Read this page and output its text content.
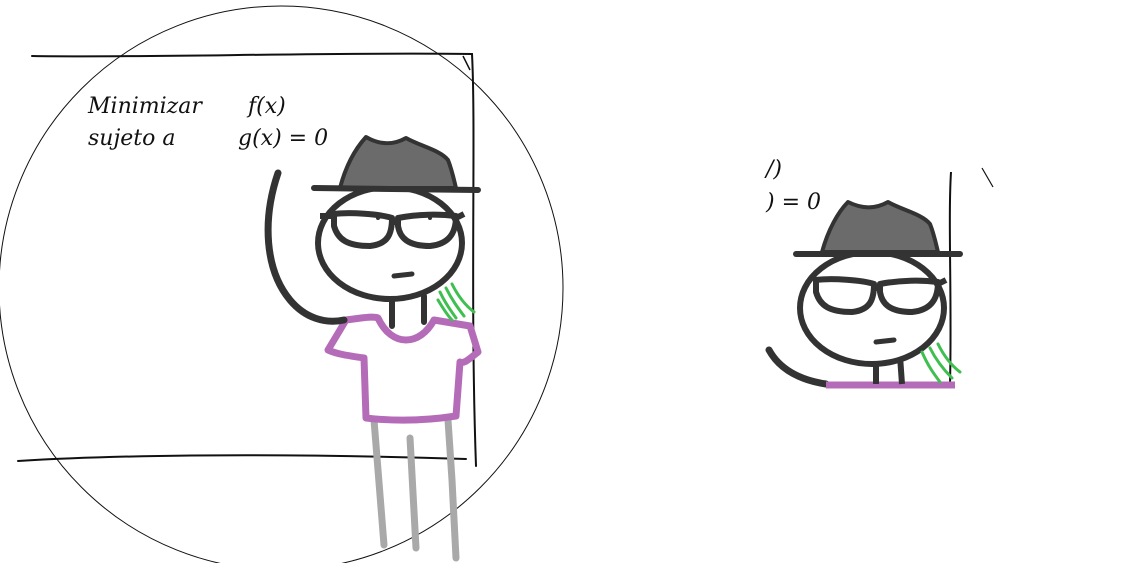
Minimizar f(x)
sujeto a	g(x) = 0
/)
) = 0
